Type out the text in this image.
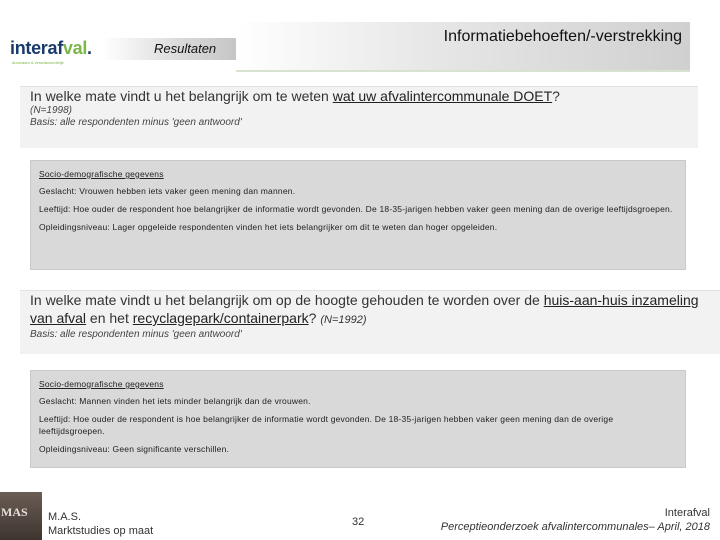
interafval.
duurzaam & verantwoordelijk
Resultaten
Informatiebehoeften/-verstrekking
In welke mate vindt u het belangrijk om te weten wat uw afvalintercommunale DOET?
(N=1998)
Basis: alle respondenten minus 'geen antwoord'

Socio-demografische gegevens

Geslacht: Vrouwen hebben iets vaker geen mening dan mannen.

Leeftijd: Hoe ouder de respondent hoe belangrijker de informatie wordt gevonden. De 18-35-jarigen hebben vaker geen mening dan de overige leeftijdsgroepen.

Opleidingsniveau: Lager opgeleide respondenten vinden het iets belangrijker om dit te weten dan hoger opgeleiden.

In welke mate vindt u het belangrijk om op de hoogte gehouden te worden over de huis-aan-huis inzameling van afval en het recyclagepark/containerpark? (N=1992)
Basis: alle respondenten minus 'geen antwoord'

Socio-demografische gegevens

Geslacht: Mannen vinden het iets minder belangrijk dan de vrouwen.

Leeftijd: Hoe ouder de respondent is hoe belangrijker de informatie wordt gevonden. De 18-35-jarigen hebben vaker geen mening dan de overige leeftijdsgroepen.

Opleidingsniveau: Geen significante verschillen.

MAS M.A.S.
Marktstudies op maat
32
Interafval
Perceptieonderzoek afvalintercommunales– April, 2018
